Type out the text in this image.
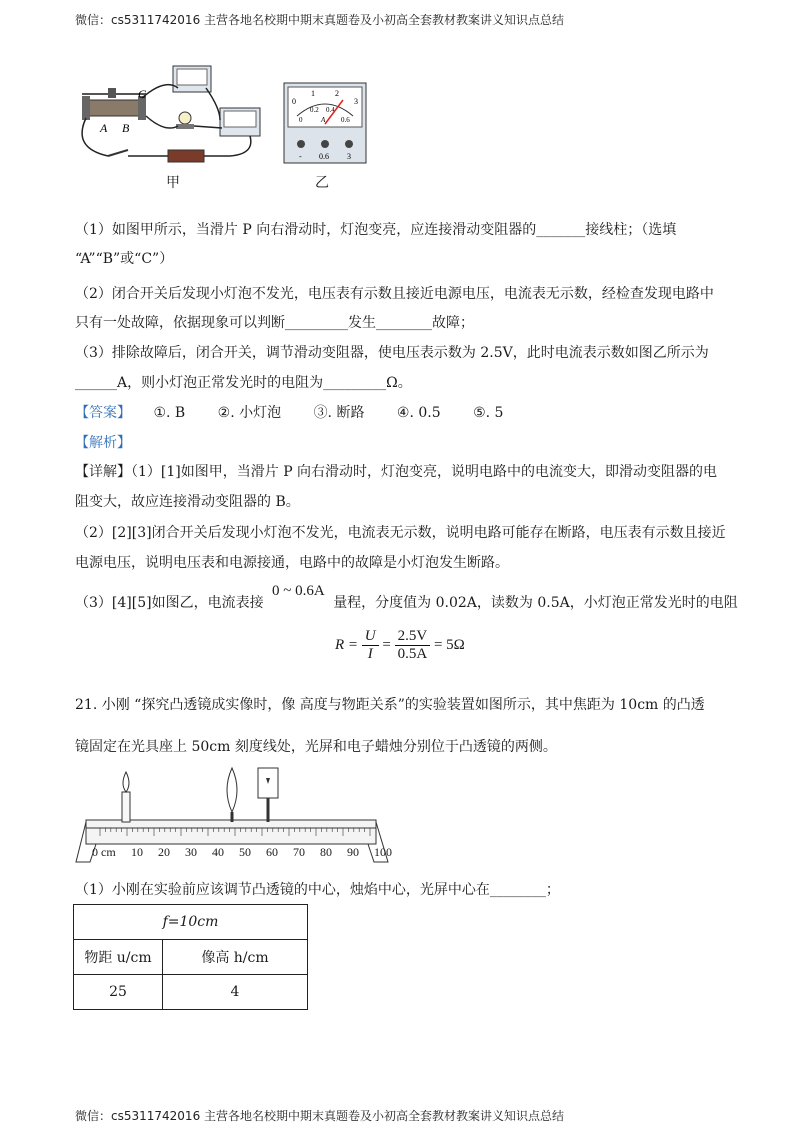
微信：cs5311742016 主营各地名校期中期末真题卷及小初高全套教材教案讲义知识点总结
微信：cs5311742016 主营各地名校期中期末真题卷及小初高全套教材教案讲义知识点总结
A B
C
甲
0
1	2
3
0
0.2 0.4
0.6
A
- 0.6 3
乙
（1）如图甲所示，当滑片 P 向右滑动时，灯泡变亮，应连接滑动变阻器的_______接线柱；（选填
“A”“B”或“C”）
（2）闭合开关后发现小灯泡不发光，电压表有示数且接近电源电压，电流表无示数，经检查发现电路中
只有一处故障，依据现象可以判断_________发生________故障；
（3）排除故障后，闭合开关，调节滑动变阻器，使电压表示数为 2.5V，此时电流表示数如图乙所示为
______A，则小灯泡正常发光时的电阻为_________Ω。
【答案】 ①. B ②. 小灯泡 ③. 断路 ④. 0.5 ⑤. 5
【解析】
【详解】（1）[1]如图甲，当滑片 P 向右滑动时，灯泡变亮，说明电路中的电流变大，即滑动变阻器的电
阻变大，故应连接滑动变阻器的 B。
（2）[2][3]闭合开关后发现小灯泡不发光，电流表无示数，说明电路可能存在断路，电压表有示数且接近
电源电压，说明电压表和电源接通，电路中的故障是小灯泡发生断路。
（3）[4][5]如图乙，电流表接 0 ~ 0.6A 量程，分度值为 0.02A，读数为 0.5A，小灯泡正常发光时的电阻
$R = \frac{U}{I} = \frac{2.5V}{0.5A} = 5\Omega$
21. 小刚 “探究凸透镜成实像时，像 高度与物距关系”的实验装置如图所示，其中焦距为 10cm 的凸透
镜固定在光具座上 50cm 刻度线处，光屏和电子蜡烛分别位于凸透镜的两侧。
0 cm 10 20 30 40 50 60 70 80 90 100
（1）小刚在实验前应该调节凸透镜的中心，烛焰中心，光屏中心在________；
f=10cm	
物距 u/cm	像高 h/cm
25	4
